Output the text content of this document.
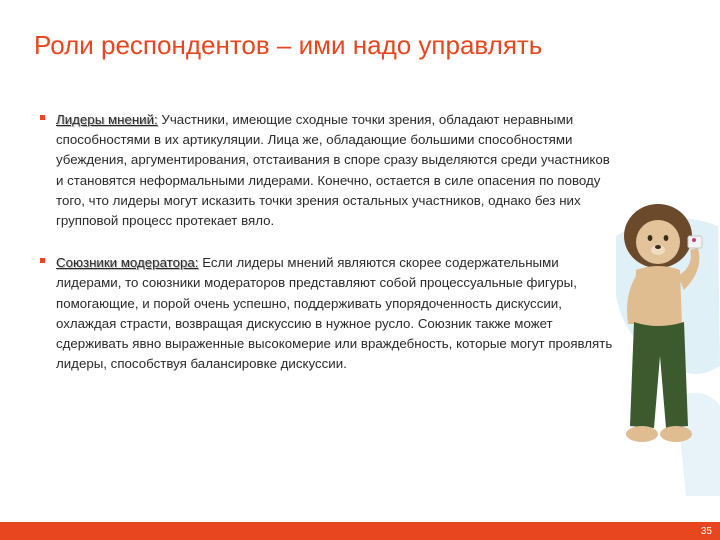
Роли респондентов – ими надо управлять
Лидеры мнений: Участники, имеющие сходные точки зрения, обладают неравными способностями в их артикуляции. Лица же, обладающие большими способностями убеждения, аргументирования, отстаивания в споре сразу выделяются среди участников и становятся неформальными лидерами. Конечно, остается в силе опасения по поводу того, что лидеры могут исказить точки зрения остальных участников, однако без них групповой процесс протекает вяло.
Союзники модератора: Если лидеры мнений являются скорее содержательными лидерами, то союзники модераторов представляют собой процессуальные фигуры, помогающие, и порой очень успешно, поддерживать упорядоченность дискуссии, охлаждая страсти, возвращая дискуссию в нужное русло. Союзник также может сдерживать явно выраженные высокомерие или враждебность, которые могут проявлять лидеры, способствуя балансировке дискуссии.
35
